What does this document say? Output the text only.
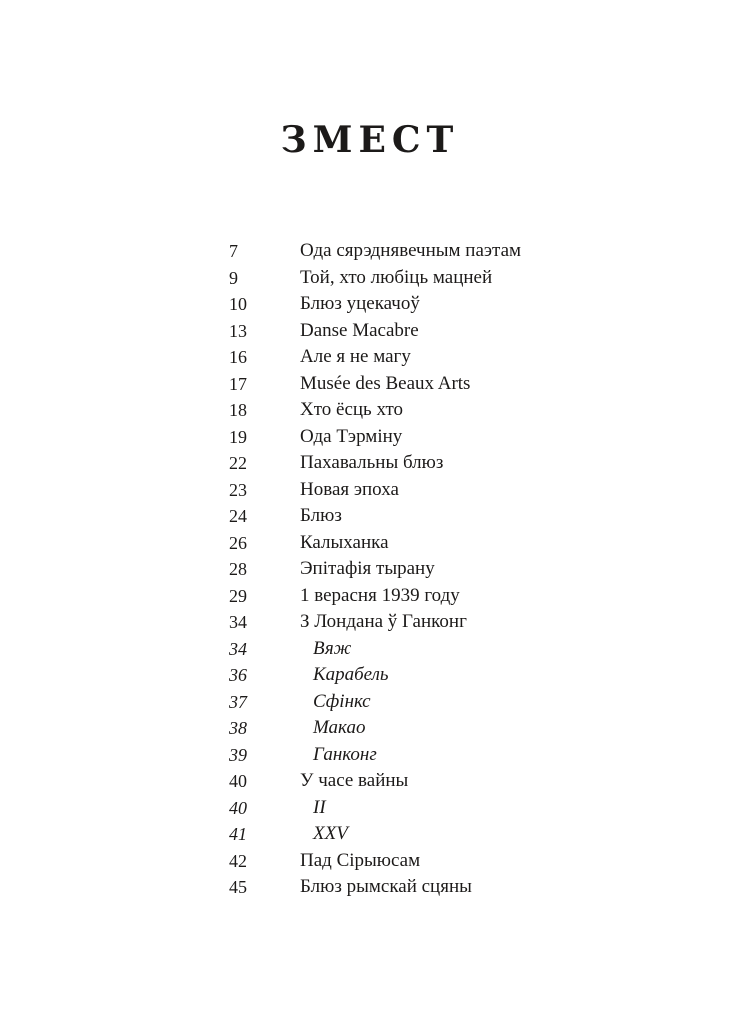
ЗМЕСТ
7	Ода сярэднявечным паэтам
9	Той, хто любіць мацней
10	Блюз уцекачоў
13	Danse Macabre
16	Але я не магу
17	Musée des Beaux Arts
18	Хто ёсць хто
19	Ода Тэрміну
22	Пахавальны блюз
23	Новая эпоха
24	Блюз
26	Калыханка
28	Эпітафія тырану
29	1 верасня 1939 году
34	З Лондана ў Ганконг
34	Вяж
36	Карабель
37	Сфінкс
38	Макао
39	Ганконг
40	У часе вайны
40	II
41	XXV
42	Пад Сірыюсам
45	Блюз рымскай сцяны
